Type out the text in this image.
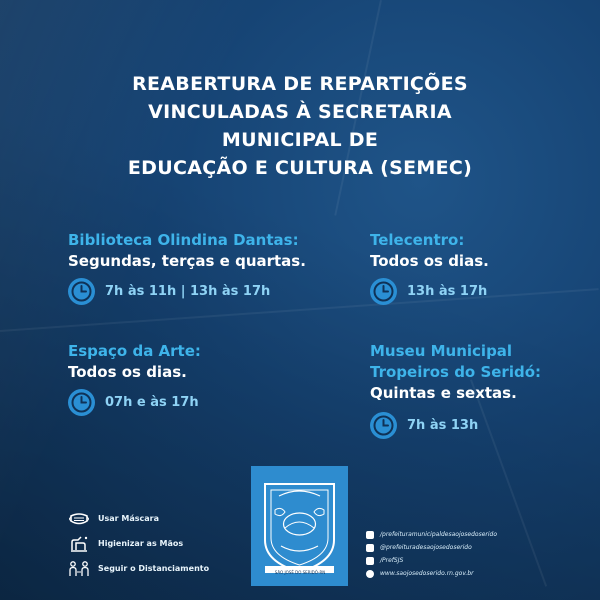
REABERTURA DE REPARTIÇÕES
VINCULADAS À SECRETARIA
MUNICIPAL DE
EDUCAÇÃO E CULTURA (SEMEC)
Biblioteca Olindina Dantas:
Segundas, terças e quartas.
7h às 11h | 13h às 17h
Telecentro:
Todos os dias.
13h às 17h
Espaço da Arte:
Todos os dias.
07h e às 17h
Museu Municipal
Tropeiros do Seridó:
Quintas e sextas.
7h às 13h
Usar Máscara
Higienizar as Mãos
Seguir o Distanciamento	SÃO JOSÉ DO SERIDÓ-RN
/prefeituramunicipaldesaojosedoserido
@prefeituradesaojosedoserido
/PrefSJS
www.saojosedoserido.rn.gov.br
